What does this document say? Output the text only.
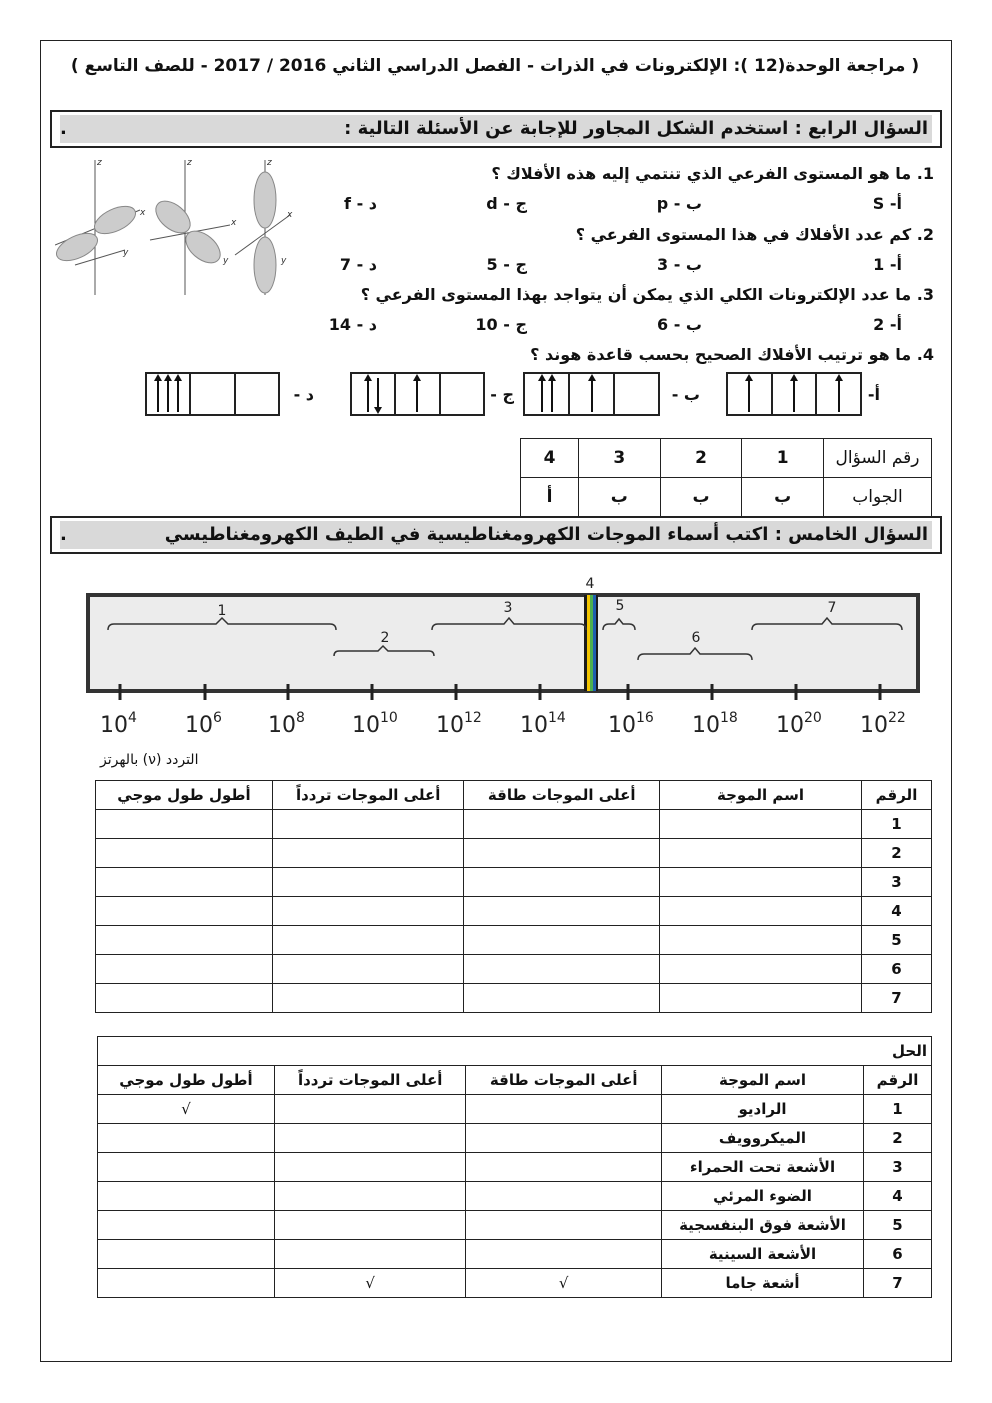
( مراجعة الوحدة(12 ): الإلكترونات في الذرات - الفصل الدراسي الثاني 2016 / 2017 - للصف التاسع )
السؤال الرابع : استخدم الشكل المجاور للإجابة عن الأسئلة التالية :
.
z
x
y
z
x
y
z
x
y
1. ما هو المستوى الفرعي الذي تنتمي إليه هذه الأفلاك ؟
أ- S
ب - p
ج - d
د - f
2. كم عدد الأفلاك في هذا المستوى الفرعي ؟
أ- 1
ب - 3
ج - 5
د - 7
3. ما عدد الإلكترونات الكلي الذي يمكن أن يتواجد بهذا المستوى الفرعي ؟
أ- 2
ب - 6
ج - 10
د - 14
4. ما هو ترتيب الأفلاك الصحيح بحسب قاعدة هوند ؟
أ-
ب -
ج -
د -
رقم السؤال	1	2	3	4
الجواب	ب	ب	ب	أ
السؤال الخامس : اكتب أسماء الموجات الكهرومغناطيسية في الطيف الكهرومغناطيسي
.
1
2
3
4
5
6
7
$10^4$ $10^6$ $10^8$ $10^{10}$ $10^{12}$ $10^{14}$ $10^{16}$ $10^{18}$ $10^{20}$ $10^{22}$
التردد (ν) بالهرتز
الرقم	اسم الموجة	أعلى الموجات طاقة	أعلى الموجات تردداً	أطول طول موجي
1				
2				
3				
4				
5				
6				
7				
الحل				
الرقم	اسم الموجة	أعلى الموجات طاقة	أعلى الموجات تردداً	أطول طول موجي
1	الراديو			√
2	الميكروويف			
3	الأشعة تحت الحمراء			
4	الضوء المرئي			
5	الأشعة فوق البنفسجية			
6	الأشعة السينية			
7	أشعة جاما	√	√	
